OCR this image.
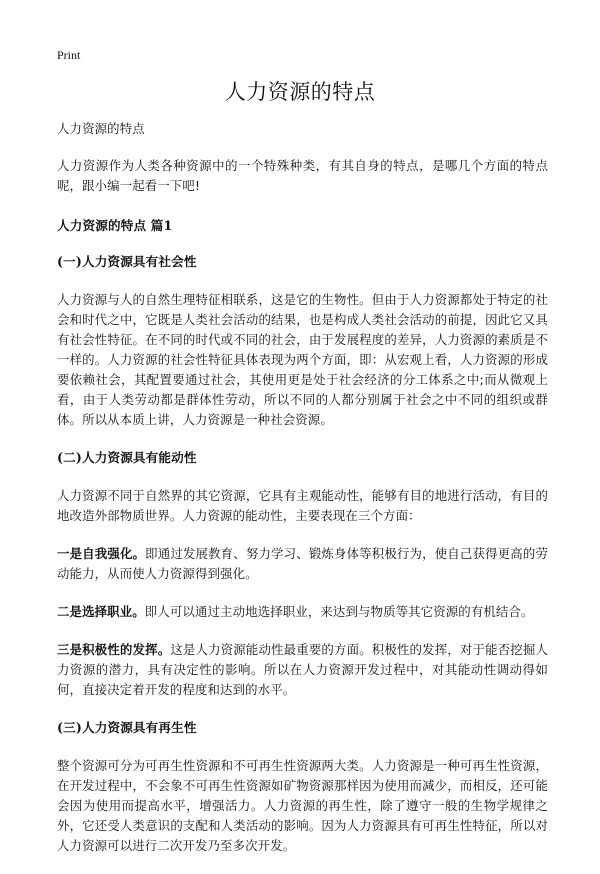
Print
人力资源的特点

人力资源的特点

人力资源作为人类各种资源中的一个特殊种类，有其自身的特点，是哪几个方面的特点呢，跟小编一起看一下吧!

人力资源的特点 篇1

(一)人力资源具有社会性

人力资源与人的自然生理特征相联系，这是它的生物性。但由于人力资源都处于特定的社会和时代之中，它既是人类社会活动的结果，也是构成人类社会活动的前提，因此它又具有社会性特征。在不同的时代或不同的社会，由于发展程度的差异，人力资源的素质是不一样的。人力资源的社会性特征具体表现为两个方面，即：从宏观上看，人力资源的形成要依赖社会，其配置要通过社会，其使用更是处于社会经济的分工体系之中;而从微观上看，由于人类劳动都是群体性劳动，所以不同的人都分别属于社会之中不同的组织或群体。所以从本质上讲，人力资源是一种社会资源。

(二)人力资源具有能动性

人力资源不同于自然界的其它资源，它具有主观能动性，能够有目的地进行活动，有目的地改造外部物质世界。人力资源的能动性，主要表现在三个方面：

一是自我强化。即通过发展教育、努力学习、锻炼身体等积极行为，使自己获得更高的劳动能力，从而使人力资源得到强化。

二是选择职业。即人可以通过主动地选择职业，来达到与物质等其它资源的有机结合。

三是积极性的发挥。这是人力资源能动性最重要的方面。积极性的发挥，对于能否挖掘人力资源的潜力，具有决定性的影响。所以在人力资源开发过程中，对其能动性调动得如何，直接决定着开发的程度和达到的水平。

(三)人力资源具有再生性

整个资源可分为可再生性资源和不可再生性资源两大类。人力资源是一种可再生性资源，在开发过程中，不会象不可再生性资源如矿物资源那样因为使用而减少，而相反，还可能会因为使用而提高水平，增强活力。人力资源的再生性，除了遵守一般的生物学规律之外，它还受人类意识的支配和人类活动的影响。因为人力资源具有可再生性特征，所以对人力资源可以进行二次开发乃至多次开发。
